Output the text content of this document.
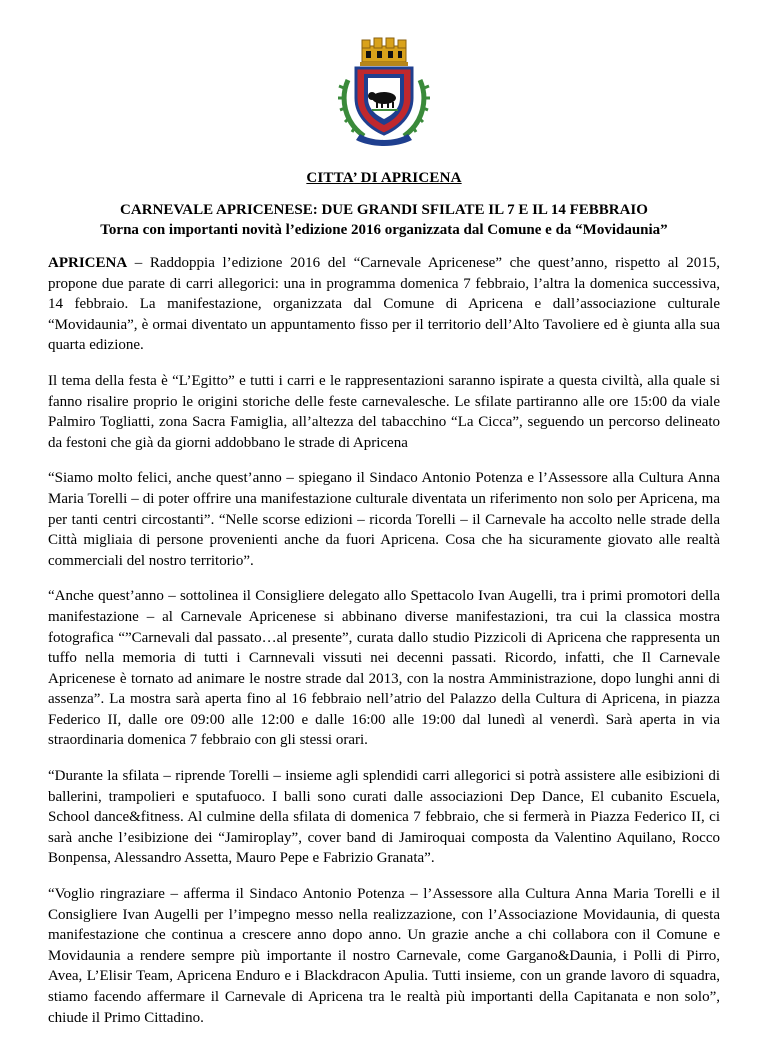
CITTA’ DI APRICENA
CARNEVALE APRICENESE: DUE GRANDI SFILATE IL 7 E IL 14 FEBBRAIO
Torna con importanti novità l’edizione 2016 organizzata dal Comune e da “Movidaunia”

APRICENA – Raddoppia l’edizione 2016 del “Carnevale Apricenese” che quest’anno, rispetto al 2015, propone due parate di carri allegorici: una in programma domenica 7 febbraio, l’altra la domenica successiva, 14 febbraio. La manifestazione, organizzata dal Comune di Apricena e dall’associazione culturale “Movidaunia”, è ormai diventato un appuntamento fisso per il territorio dell’Alto Tavoliere ed è giunta alla sua quarta edizione.

Il tema della festa è “L’Egitto” e tutti i carri e le rappresentazioni saranno ispirate a questa civiltà, alla quale si fanno risalire proprio le origini storiche delle feste carnevalesche. Le sfilate partiranno alle ore 15:00 da viale Palmiro Togliatti, zona Sacra Famiglia, all’altezza del tabacchino “La Cicca”, seguendo un percorso delineato da festoni che già da giorni addobbano le strade di Apricena

“Siamo molto felici, anche quest’anno – spiegano il Sindaco Antonio Potenza e l’Assessore alla Cultura Anna Maria Torelli – di poter offrire una manifestazione culturale diventata un riferimento non solo per Apricena, ma per tanti centri circostanti”. “Nelle scorse edizioni – ricorda Torelli – il Carnevale ha accolto nelle strade della Città migliaia di persone provenienti anche da fuori Apricena. Cosa che ha sicuramente giovato alle realtà commerciali del nostro territorio”.

“Anche quest’anno – sottolinea il Consigliere delegato allo Spettacolo Ivan Augelli, tra i primi promotori della manifestazione – al Carnevale Apricenese si abbinano diverse manifestazioni, tra cui la classica mostra fotografica “”Carnevali dal passato…al presente”, curata dallo studio Pizzicoli di Apricena che rappresenta un tuffo nella memoria di tutti i Carnnevali vissuti nei decenni passati. Ricordo, infatti, che Il Carnevale Apricenese è tornato ad animare le nostre strade dal 2013, con la nostra Amministrazione, dopo lunghi anni di assenza”. La mostra sarà aperta fino al 16 febbraio nell’atrio del Palazzo della Cultura di Apricena, in piazza Federico II, dalle ore 09:00 alle 12:00 e dalle 16:00 alle 19:00 dal lunedì al venerdì. Sarà aperta in via straordinaria domenica 7 febbraio con gli stessi orari.

“Durante la sfilata – riprende Torelli – insieme agli splendidi carri allegorici si potrà assistere alle esibizioni di ballerini, trampolieri e sputafuoco. I balli sono curati dalle associazioni Dep Dance, El cubanito Escuela, School dance&fitness. Al culmine della sfilata di domenica 7 febbraio, che si fermerà in Piazza Federico II, ci sarà anche l’esibizione dei “Jamiroplay”, cover band di Jamiroquai composta da Valentino Aquilano, Rocco Bonpensa, Alessandro Assetta, Mauro Pepe e Fabrizio Granata”.

“Voglio ringraziare – afferma il Sindaco Antonio Potenza – l’Assessore alla Cultura Anna Maria Torelli e il Consigliere Ivan Augelli per l’impegno messo nella realizzazione, con l’Associazione Movidaunia, di questa manifestazione che continua a crescere anno dopo anno. Un grazie anche a chi collabora con il Comune e Movidaunia a rendere sempre più importante il nostro Carnevale, come Gargano&Daunia, i Polli di Pirro, Avea, L’Elisir Team, Apricena Enduro e i Blackdracon Apulia. Tutti insieme, con un grande lavoro di squadra, stiamo facendo affermare il Carnevale di Apricena tra le realtà più importanti della Capitanata e non solo”, chiude il Primo Cittadino.
